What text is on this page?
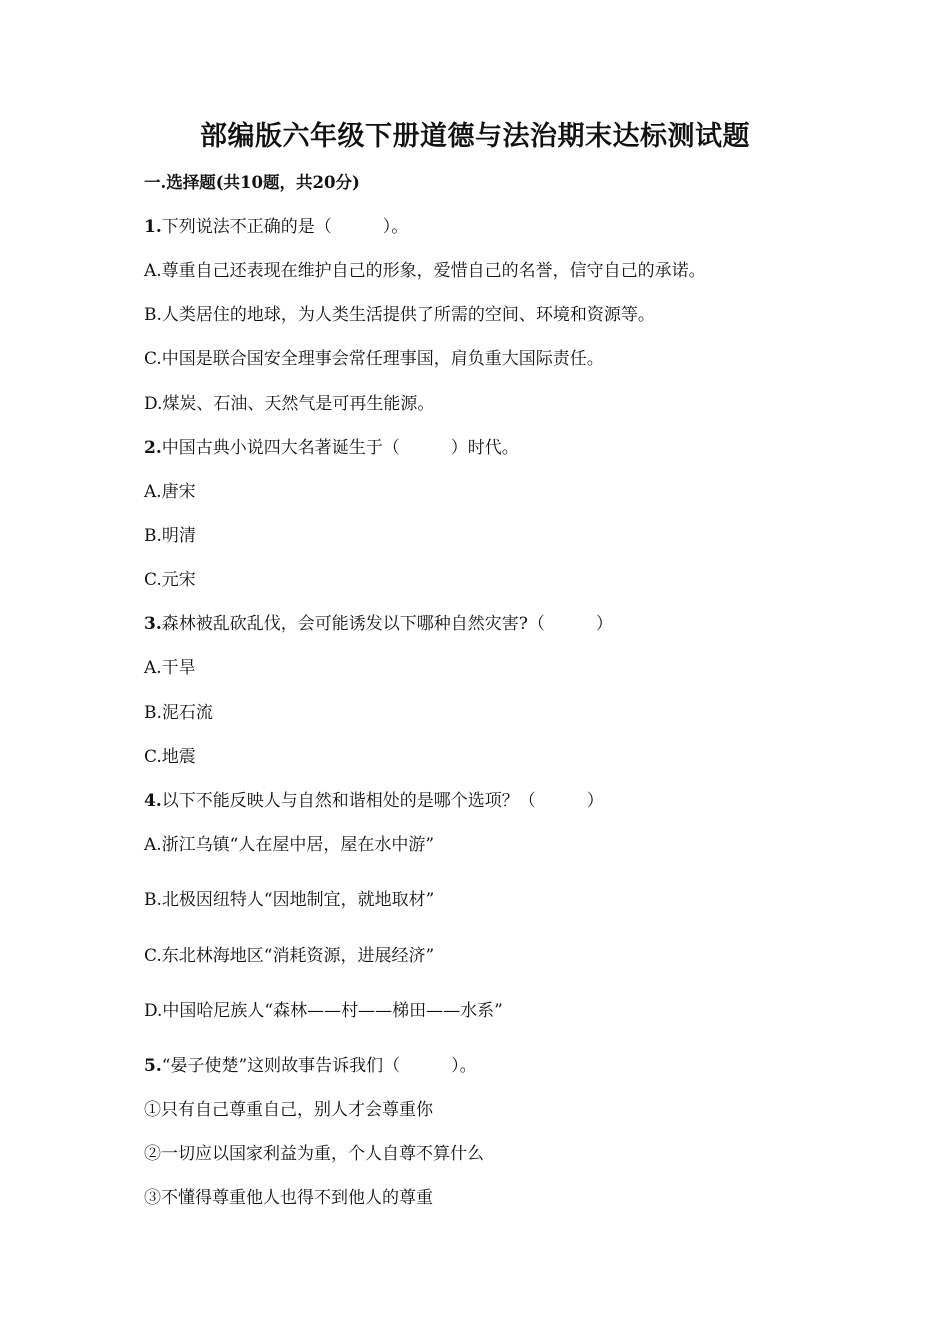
部编版六年级下册道德与法治期末达标测试题
一.选择题(共10题，共20分)
1.下列说法不正确的是（　　　）。
A.尊重自己还表现在维护自己的形象，爱惜自己的名誉，信守自己的承诺。
B.人类居住的地球，为人类生活提供了所需的空间、环境和资源等。
C.中国是联合国安全理事会常任理事国，肩负重大国际责任。
D.煤炭、石油、天然气是可再生能源。
2.中国古典小说四大名著诞生于（　　　）时代。
A.唐宋
B.明清
C.元宋
3.森林被乱砍乱伐，会可能诱发以下哪种自然灾害?（　　　）
A.干旱
B.泥石流
C.地震
4.以下不能反映人与自然和谐相处的是哪个选项？（　　　）
A.浙江乌镇“人在屋中居，屋在水中游”
B.北极因纽特人“因地制宜，就地取材”
C.东北林海地区“消耗资源，进展经济”
D.中国哈尼族人“森林——村——梯田——水系”
5.“晏子使楚”这则故事告诉我们（　　　）。
①只有自己尊重自己，别人才会尊重你
②一切应以国家利益为重，个人自尊不算什么
③不懂得尊重他人也得不到他人的尊重
